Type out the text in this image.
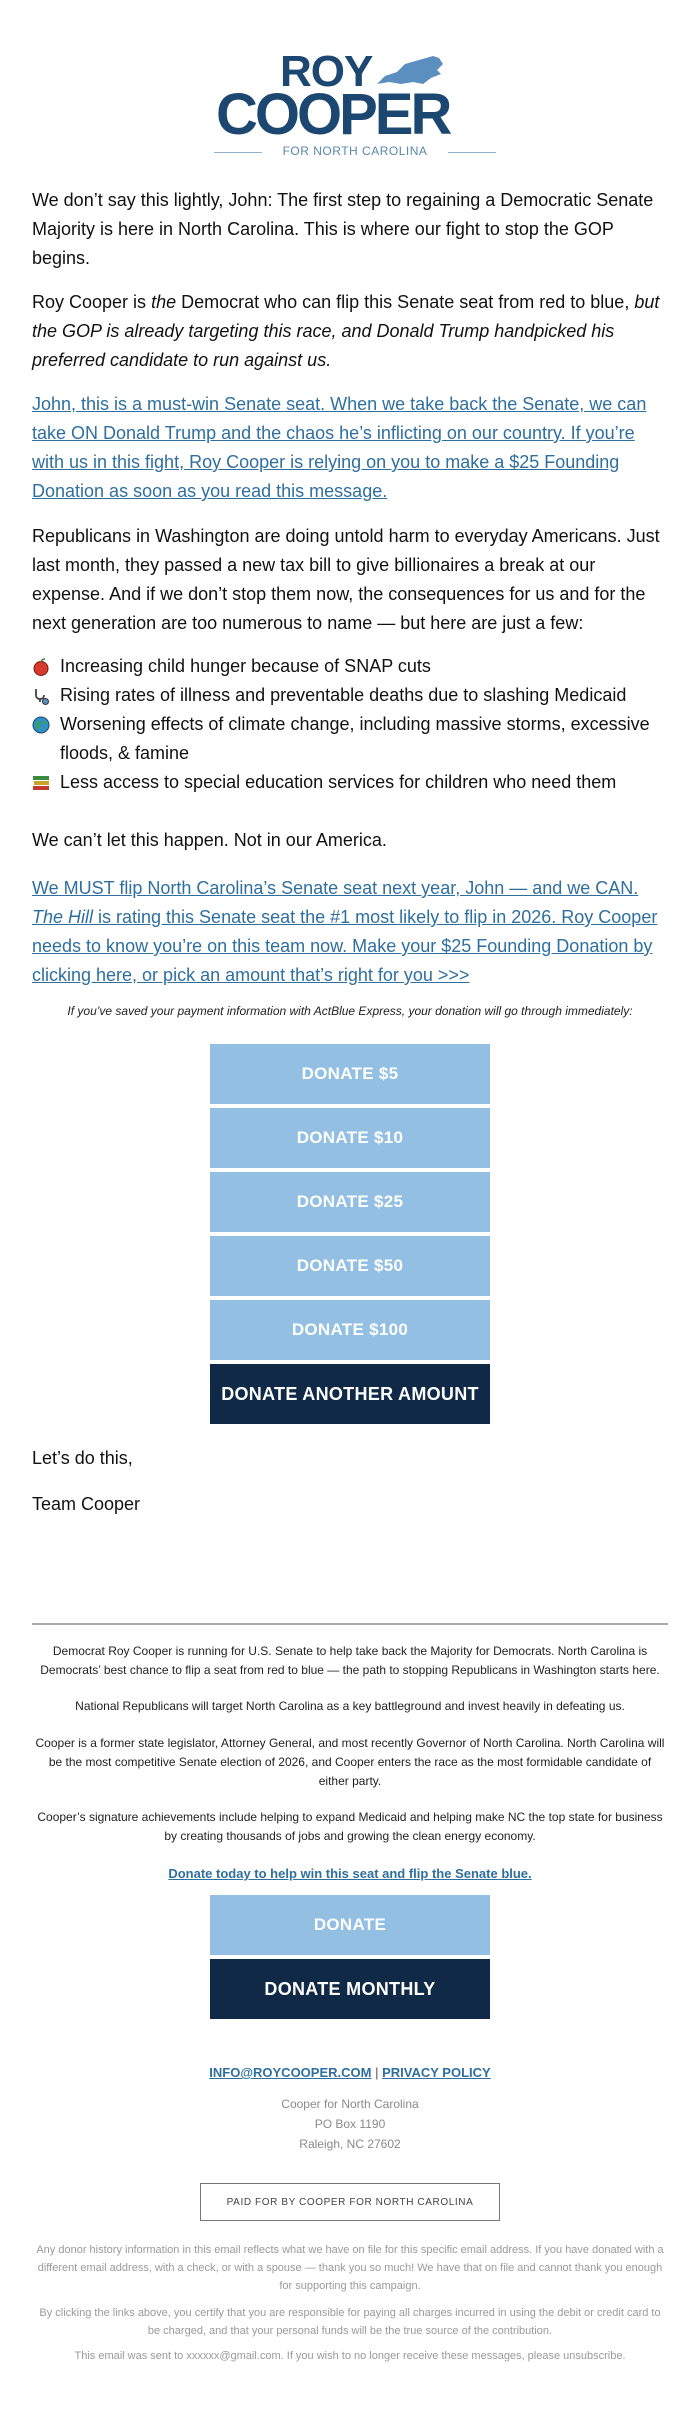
ROY
COOPER
FOR NORTH CAROLINA

We don’t say this lightly, John: The first step to regaining a Democratic Senate Majority is here in North Carolina. This is where our fight to stop the GOP begins.

Roy Cooper is the Democrat who can flip this Senate seat from red to blue, but the GOP is already targeting this race, and Donald Trump handpicked his preferred candidate to run against us.

John, this is a must-win Senate seat. When we take back the Senate, we can take ON Donald Trump and the chaos he’s inflicting on our country. If you’re with us in this fight, Roy Cooper is relying on you to make a $25 Founding Donation as soon as you read this message.

Republicans in Washington are doing untold harm to everyday Americans. Just last month, they passed a new tax bill to give billionaires a break at our expense. And if we don’t stop them now, the consequences for us and for the next generation are too numerous to name — but here are just a few:

Increasing child hunger because of SNAP cuts
Rising rates of illness and preventable deaths due to slashing Medicaid
Worsening effects of climate change, including massive storms, excessive floods, & famine
Less access to special education services for children who need them

We can’t let this happen. Not in our America.

We MUST flip North Carolina’s Senate seat next year, John — and we CAN. The Hill is rating this Senate seat the #1 most likely to flip in 2026. Roy Cooper needs to know you’re on this team now. Make your $25 Founding Donation by clicking here, or pick an amount that’s right for you >>>

If you’ve saved your payment information with ActBlue Express, your donation will go through immediately:
DONATE $5
DONATE $10
DONATE $25
DONATE $50
DONATE $100
DONATE ANOTHER AMOUNT
Let’s do this,
Team Cooper
Democrat Roy Cooper is running for U.S. Senate to help take back the Majority for Democrats. North Carolina is Democrats’ best chance to flip a seat from red to blue — the path to stopping Republicans in Washington starts here.
National Republicans will target North Carolina as a key battleground and invest heavily in defeating us.
Cooper is a former state legislator, Attorney General, and most recently Governor of North Carolina. North Carolina will be the most competitive Senate election of 2026, and Cooper enters the race as the most formidable candidate of either party.
Cooper’s signature achievements include helping to expand Medicaid and helping make NC the top state for business by creating thousands of jobs and growing the clean energy economy.
Donate today to help win this seat and flip the Senate blue.
DONATE
DONATE MONTHLY
INFO@ROYCOOPER.COM | PRIVACY POLICY
Cooper for North Carolina
PO Box 1190
Raleigh, NC 27602
PAID FOR BY COOPER FOR NORTH CAROLINA
Any donor history information in this email reflects what we have on file for this specific email address. If you have donated with a different email address, with a check, or with a spouse — thank you so much! We have that on file and cannot thank you enough for supporting this campaign.
By clicking the links above, you certify that you are responsible for paying all charges incurred in using the debit or credit card to be charged, and that your personal funds will be the true source of the contribution.
This email was sent to xxxxxx@gmail.com. If you wish to no longer receive these messages, please unsubscribe.
